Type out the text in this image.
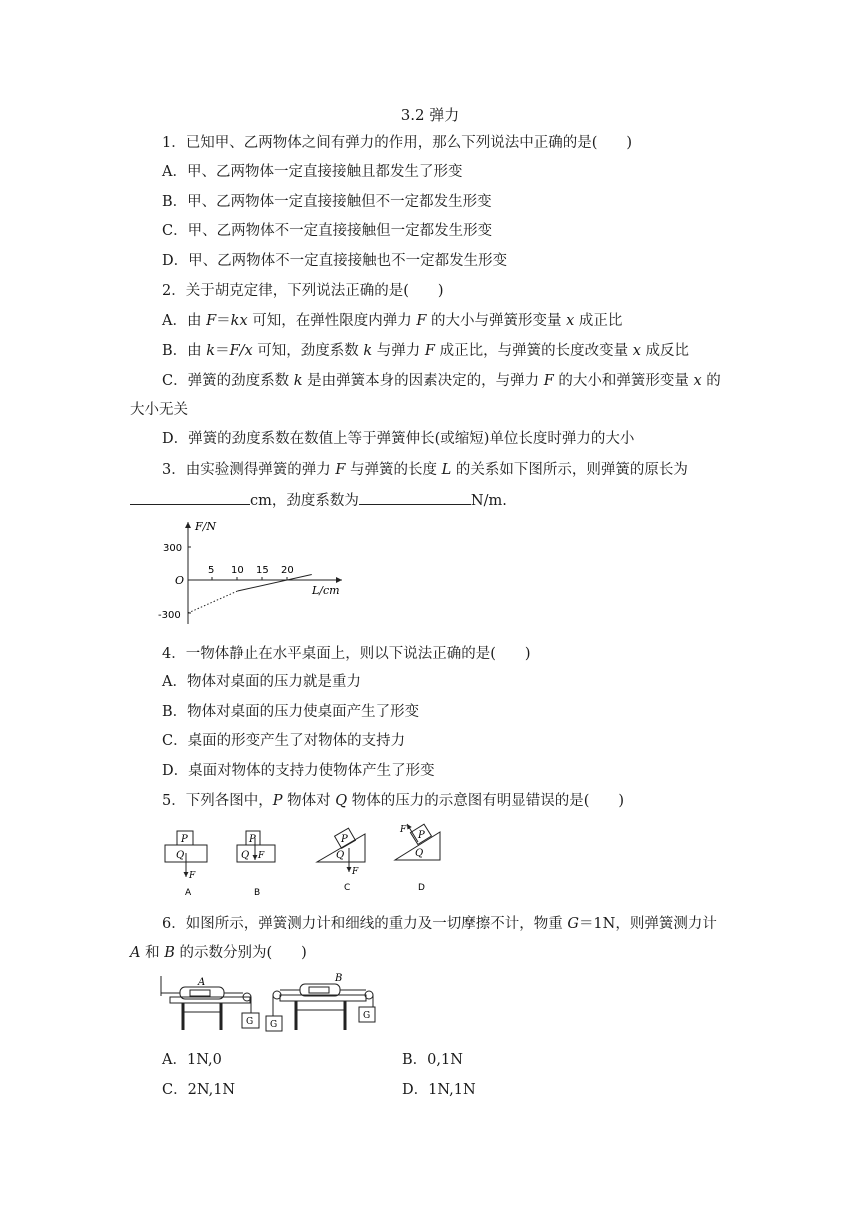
3.2 弹力
1．已知甲、乙两物体之间有弹力的作用，那么下列说法中正确的是(　　)
A．甲、乙两物体一定直接接触且都发生了形变
B．甲、乙两物体一定直接接触但不一定都发生形变
C．甲、乙两物体不一定直接接触但一定都发生形变
D．甲、乙两物体不一定直接接触也不一定都发生形变
2．关于胡克定律，下列说法正确的是(　　)
A．由 F＝kx 可知，在弹性限度内弹力 F 的大小与弹簧形变量 x 成正比
B．由 k＝F/x 可知，劲度系数 k 与弹力 F 成正比，与弹簧的长度改变量 x 成反比
C．弹簧的劲度系数 k 是由弹簧本身的因素决定的，与弹力 F 的大小和弹簧形变量 x 的
大小无关
D．弹簧的劲度系数在数值上等于弹簧伸长(或缩短)单位长度时弹力的大小
3．由实验测得弹簧的弹力 F 与弹簧的长度 L 的关系如下图所示，则弹簧的原长为
cm，劲度系数为	N/m.
F/N
L/cm
O
300
-300
5 10 15 20
4．一物体静止在水平桌面上，则以下说法正确的是(　　)
A．物体对桌面的压力就是重力
B．物体对桌面的压力使桌面产生了形变
C．桌面的形变产生了对物体的支持力
D．桌面对物体的支持力使物体产生了形变
5．下列各图中，P 物体对 Q 物体的压力的示意图有明显错误的是(　　)
P
Q
F
A
P
Q F
B
P
Q
F
C
P
Q
F
D
6．如图所示，弹簧测力计和细线的重力及一切摩擦不计，物重 G＝1N，则弹簧测力计
A 和 B 的示数分别为(　　)
A
G
B
G
G
A．1N,0	B．0,1N
C．2N,1N	D．1N,1N
